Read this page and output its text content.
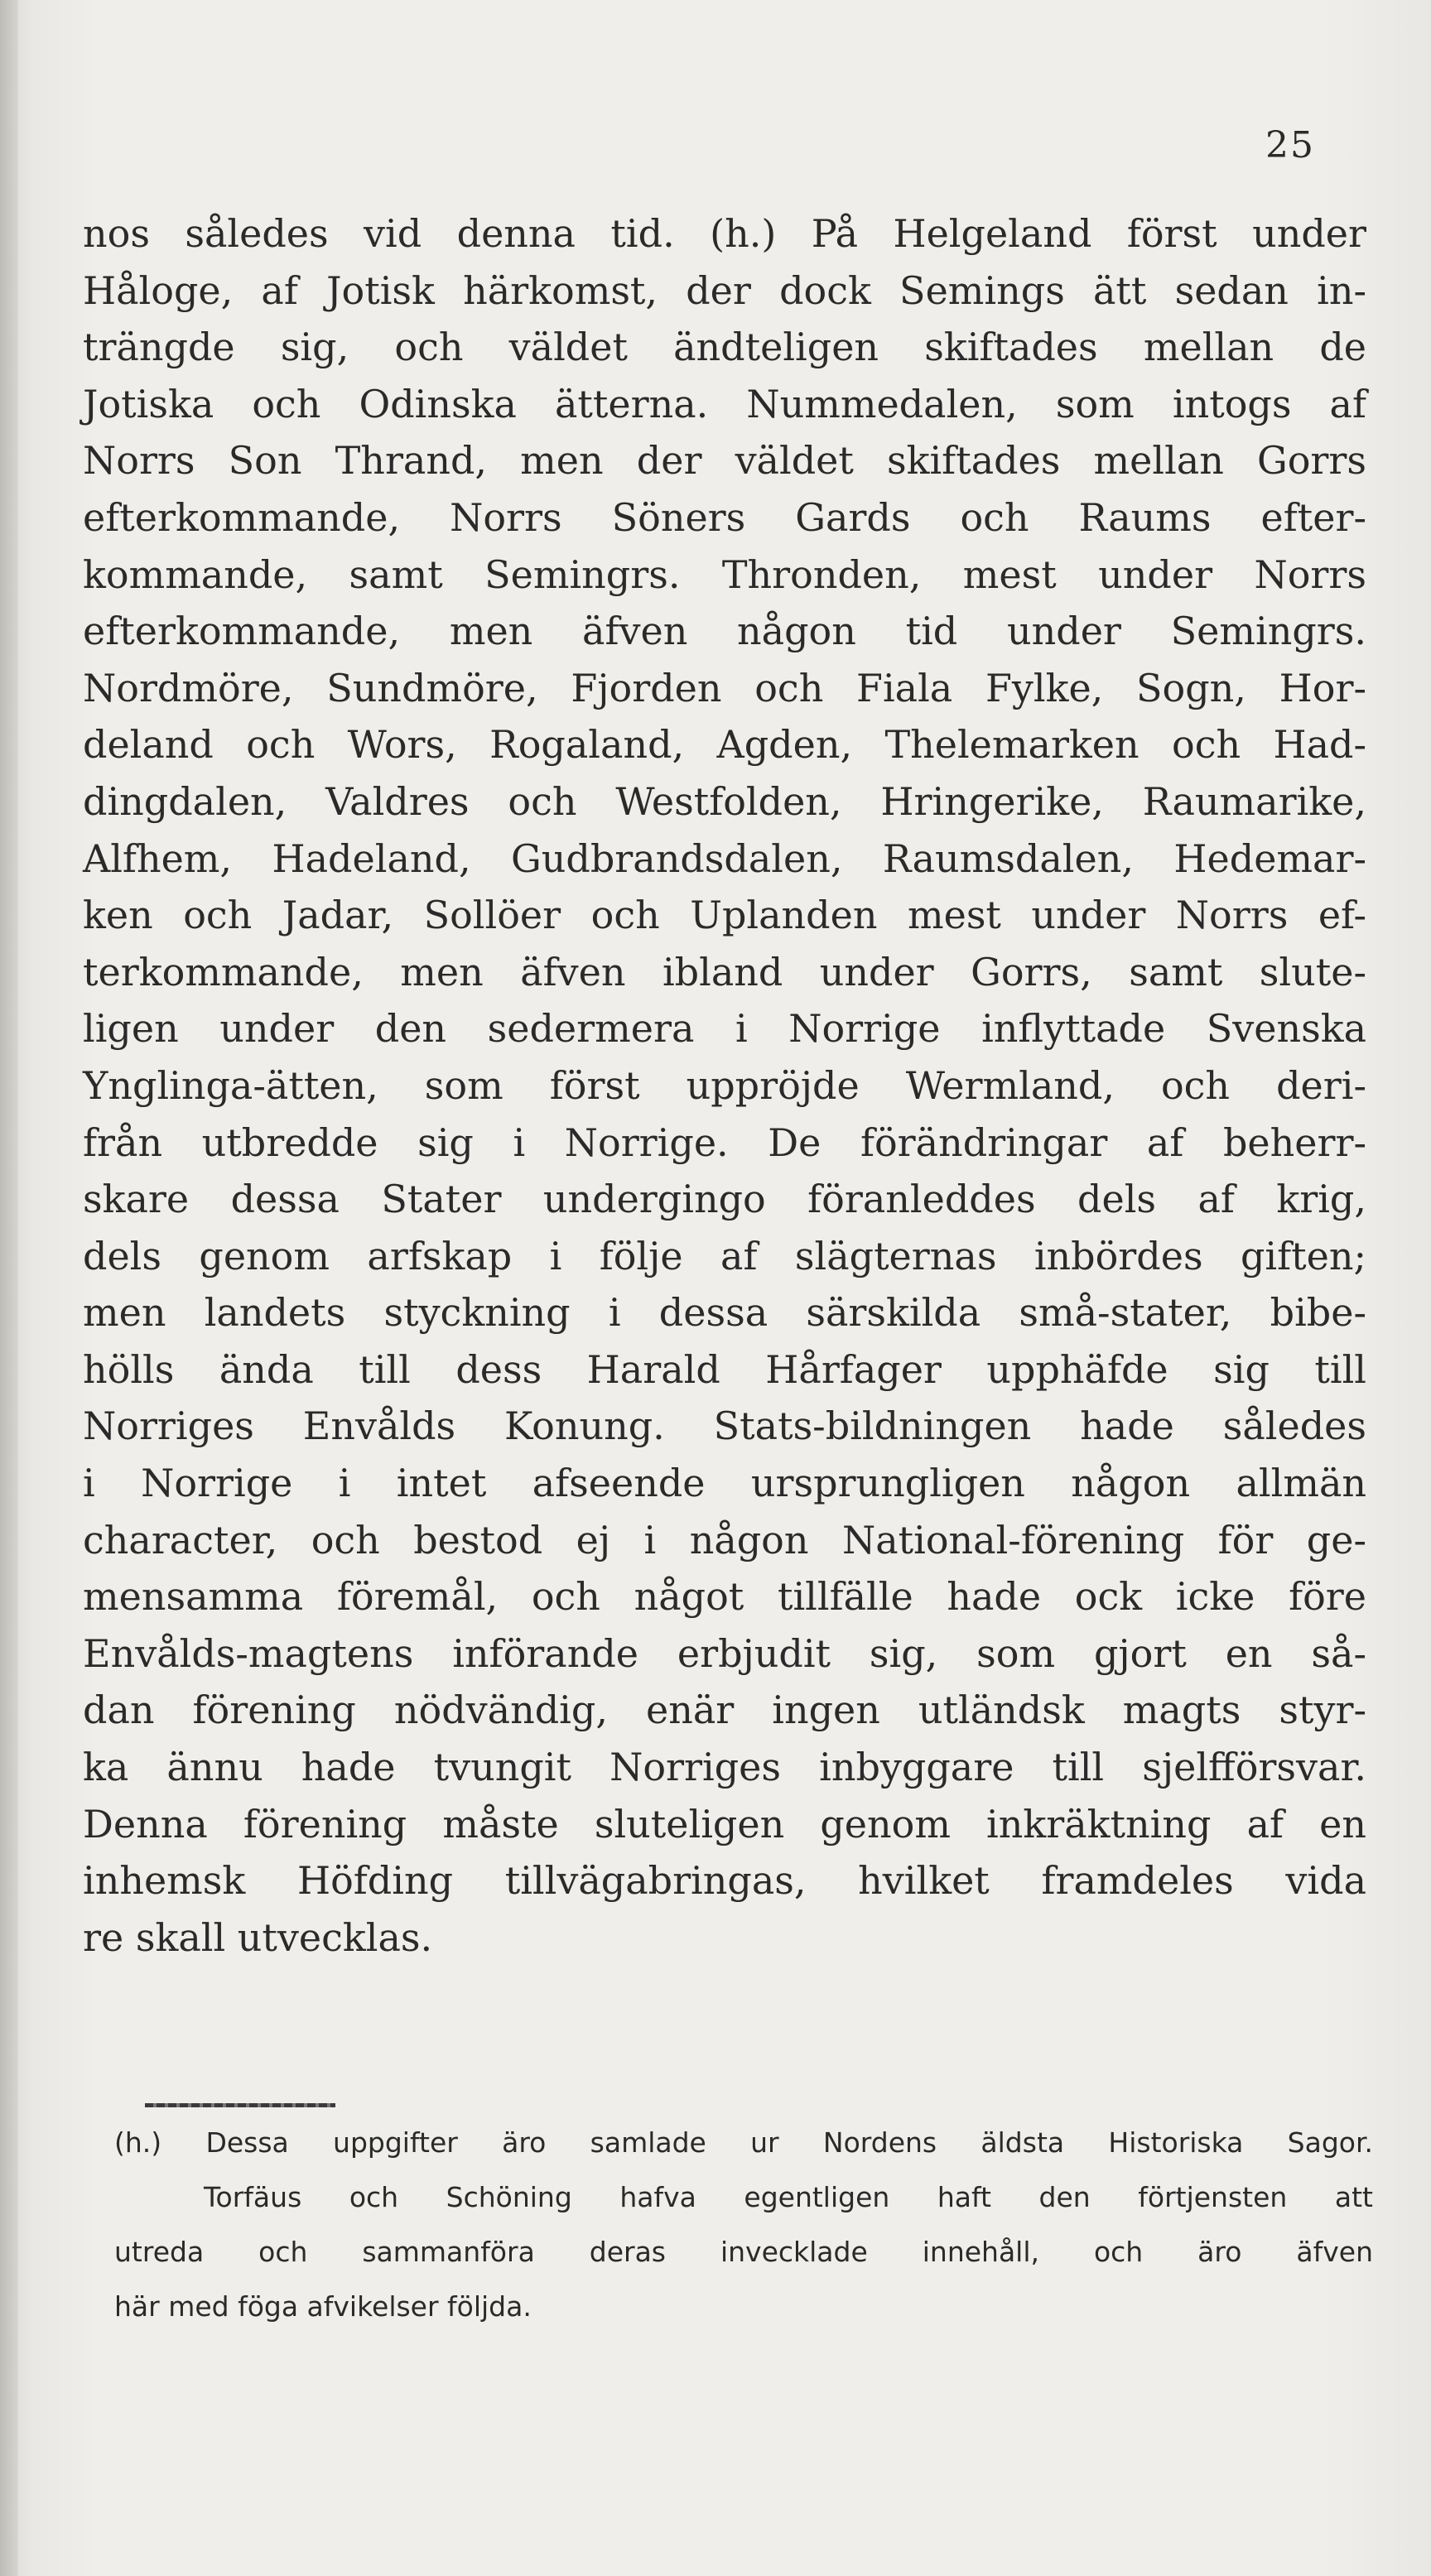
25
nos således vid denna tid. (h.) På Helgeland först under
Håloge, af Jotisk härkomst, der dock Semings ätt sedan in-
trängde sig, och väldet ändteligen skiftades mellan de
Jotiska och Odinska ätterna. Nummedalen, som intogs af
Norrs Son Thrand, men der väldet skiftades mellan Gorrs
efterkommande, Norrs Söners Gards och Raums efter-
kommande, samt Semingrs. Thronden, mest under Norrs
efterkommande, men äfven någon tid under Semingrs.
Nordmöre, Sundmöre, Fjorden och Fiala Fylke, Sogn, Hor-
deland och Wors, Rogaland, Agden, Thelemarken och Had-
dingdalen, Valdres och Westfolden, Hringerike, Raumarike,
Alfhem, Hadeland, Gudbrandsdalen, Raumsdalen, Hedemar-
ken och Jadar, Sollöer och Uplanden mest under Norrs ef-
terkommande, men äfven ibland under Gorrs, samt slute-
ligen under den sedermera i Norrige inflyttade Svenska
Ynglinga-ätten, som först uppröjde Wermland, och deri-
från utbredde sig i Norrige. De förändringar af beherr-
skare dessa Stater undergingo föranleddes dels af krig,
dels genom arfskap i följe af slägternas inbördes giften;
men landets styckning i dessa särskilda små-stater, bibe-
hölls ända till dess Harald Hårfager upphäfde sig till
Norriges Envålds Konung. Stats-bildningen hade således
i Norrige i intet afseende ursprungligen någon allmän
character, och bestod ej i någon National-förening för ge-
mensamma föremål, och något tillfälle hade ock icke före
Envålds-magtens införande erbjudit sig, som gjort en så-
dan förening nödvändig, enär ingen utländsk magts styr-
ka ännu hade tvungit Norriges inbyggare till sjelfförsvar.
Denna förening måste sluteligen genom inkräktning af en
inhemsk Höfding tillvägabringas, hvilket framdeles vida
re skall utvecklas.
(h.) Dessa uppgifter äro samlade ur Nordens äldsta Historiska Sagor.
Torfäus och Schöning hafva egentligen haft den förtjensten att
utreda och sammanföra deras invecklade innehåll, och äro äfven
här med föga afvikelser följda.
